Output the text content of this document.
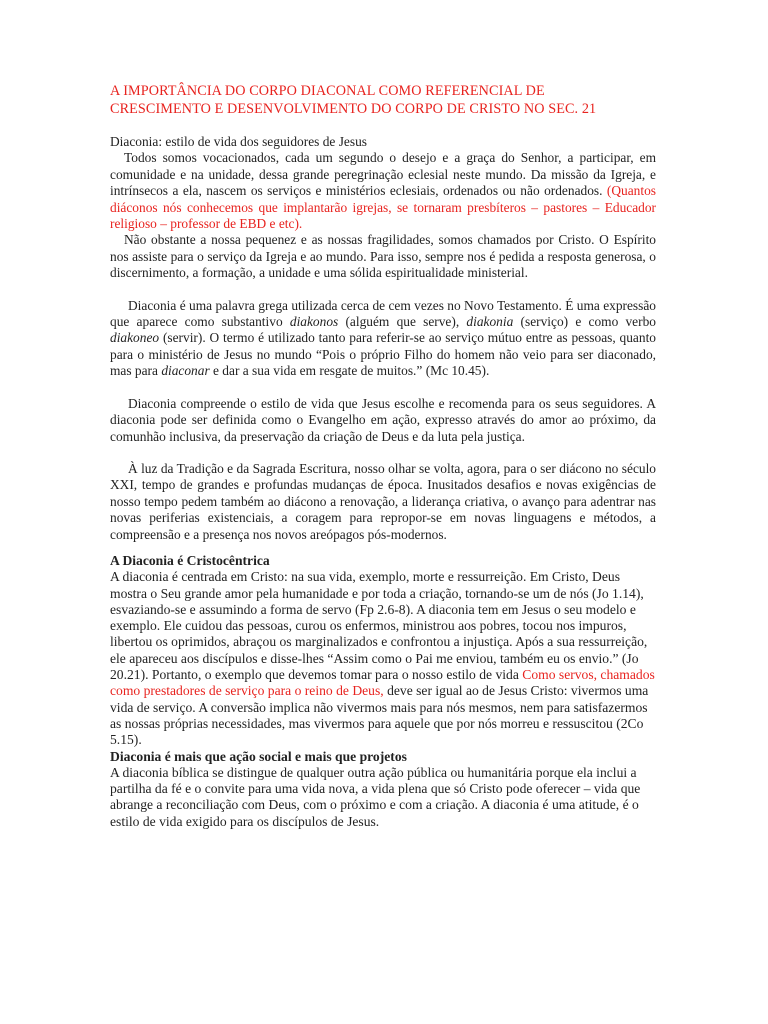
A IMPORTÂNCIA DO CORPO DIACONAL COMO REFERENCIAL DE
CRESCIMENTO E DESENVOLVIMENTO DO CORPO DE CRISTO NO SEC. 21

Diaconia: estilo de vida dos seguidores de Jesus

Todos somos vocacionados, cada um segundo o desejo e a graça do Senhor, a participar, em comunidade e na unidade, dessa grande peregrinação eclesial neste mundo. Da missão da Igreja, e intrínsecos a ela, nascem os serviços e ministérios eclesiais, ordenados ou não ordenados. (Quantos diáconos nós conhecemos que implantarão igrejas, se tornaram presbíteros – pastores – Educador religioso – professor de EBD e etc).

Não obstante a nossa pequenez e as nossas fragilidades, somos chamados por Cristo. O Espírito nos assiste para o serviço da Igreja e ao mundo. Para isso, sempre nos é pedida a resposta generosa, o discernimento, a formação, a unidade e uma sólida espiritualidade ministerial.

Diaconia é uma palavra grega utilizada cerca de cem vezes no Novo Testamento. É uma expressão que aparece como substantivo diakonos (alguém que serve), diakonia (serviço) e como verbo diakoneo (servir). O termo é utilizado tanto para referir-se ao serviço mútuo entre as pessoas, quanto para o ministério de Jesus no mundo “Pois o próprio Filho do homem não veio para ser diaconado, mas para diaconar e dar a sua vida em resgate de muitos.” (Mc 10.45).

Diaconia compreende o estilo de vida que Jesus escolhe e recomenda para os seus seguidores. A diaconia pode ser definida como o Evangelho em ação, expresso através do amor ao próximo, da comunhão inclusiva, da preservação da criação de Deus e da luta pela justiça.

À luz da Tradição e da Sagrada Escritura, nosso olhar se volta, agora, para o ser diácono no século XXI, tempo de grandes e profundas mudanças de época. Inusitados desafios e novas exigências de nosso tempo pedem também ao diácono a renovação, a liderança criativa, o avanço para adentrar nas novas periferias existenciais, a coragem para repropor-se em novas linguagens e métodos, a compreensão e a presença nos novos areópagos pós-modernos.

A Diaconia é Cristocêntrica

A diaconia é centrada em Cristo: na sua vida, exemplo, morte e ressurreição. Em Cristo, Deus mostra o Seu grande amor pela humanidade e por toda a criação, tornando-se um de nós (Jo 1.14), esvaziando-se e assumindo a forma de servo (Fp 2.6-8). A diaconia tem em Jesus o seu modelo e exemplo. Ele cuidou das pessoas, curou os enfermos, ministrou aos pobres, tocou nos impuros, libertou os oprimidos, abraçou os marginalizados e confrontou a injustiça. Após a sua ressurreição, ele apareceu aos discípulos e disse-lhes “Assim como o Pai me enviou, também eu os envio.” (Jo 20.21). Portanto, o exemplo que devemos tomar para o nosso estilo de vida Como servos, chamados como prestadores de serviço para o reino de Deus, deve ser igual ao de Jesus Cristo: vivermos uma vida de serviço. A conversão implica não vivermos mais para nós mesmos, nem para satisfazermos as nossas próprias necessidades, mas vivermos para aquele que por nós morreu e ressuscitou (2Co 5.15).

Diaconia é mais que ação social e mais que projetos

A diaconia bíblica se distingue de qualquer outra ação pública ou humanitária porque ela inclui a partilha da fé e o convite para uma vida nova, a vida plena que só Cristo pode oferecer – vida que abrange a reconciliação com Deus, com o próximo e com a criação. A diaconia é uma atitude, é o estilo de vida exigido para os discípulos de Jesus.
